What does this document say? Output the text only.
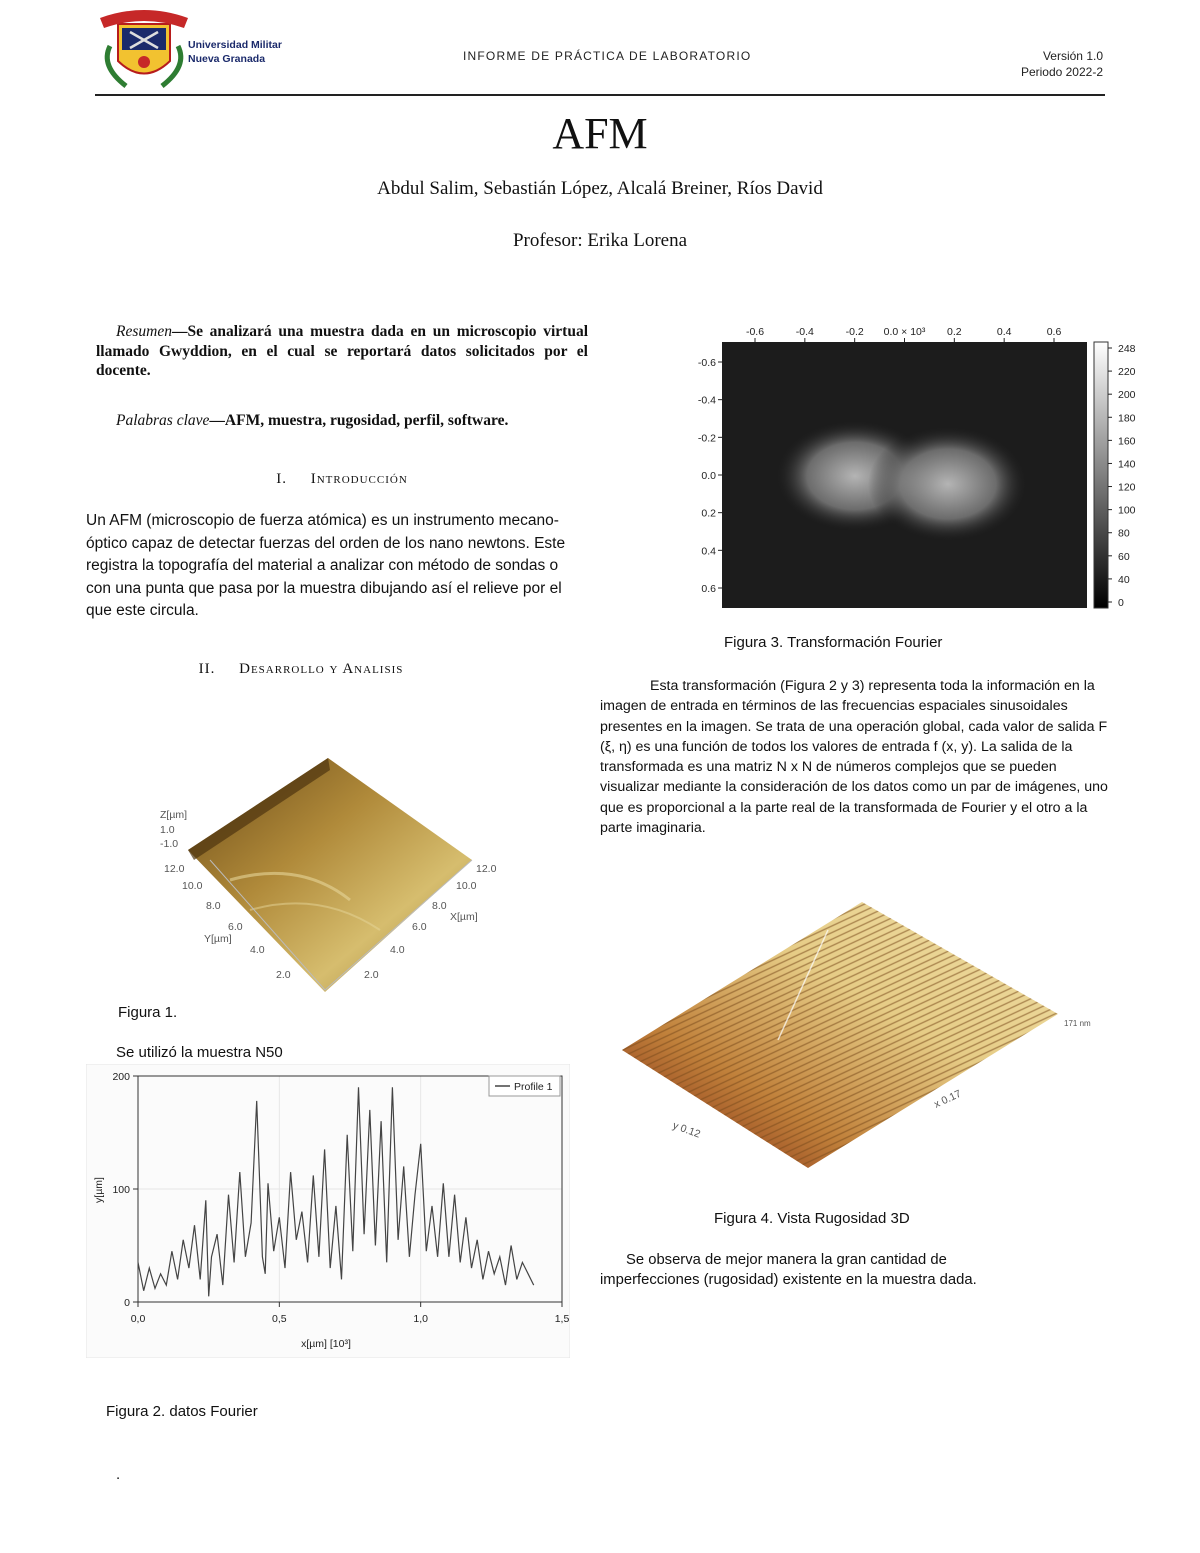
Universidad Militar
Nueva Granada	INFORME DE PRÁCTICA DE LABORATORIO	Versión 1.0
Periodo 2022-2
AFM
Abdul Salim, Sebastián López, Alcalá Breiner, Ríos David
Profesor: Erika Lorena
Resumen—Se analizará una muestra dada en un microscopio virtual llamado Gwyddion, en el cual se reportará datos solicitados por el docente.
Palabras clave—AFM, muestra, rugosidad, perfil, software.
I. Introducción
Un AFM (microscopio de fuerza atómica) es un instrumento mecano-óptico capaz de detectar fuerzas del orden de los nano newtons. Este registra la topografía del material a analizar con método de sondas o con una punta que pasa por la muestra dibujando así el relieve por el que este circula.
II. Desarrollo y Analisis
Z[µm]
1.0
-1.0
12.0
10.0
8.0
6.0
Y[µm]
4.0
2.0
12.0
10.0
8.0
X[µm]
6.0
4.0
2.0
Figura 1.
Se utilizó la muestra N50
0,0	0,5	1,0	1,5
0
100
200
Profile 1
x[µm] [10³]
y[µm]
Figura 2. datos Fourier
-0.6	-0.4	-0.2 0.0 × 10³ 0.2	0.4	0.6
-0.6
-0.4
-0.2
0.0
0.2
0.4
0.6
248
220
200
180
160
140
120
100
80
60
40
0
Figura 3. Transformación Fourier
Esta transformación (Figura 2 y 3) representa toda la información en la imagen de entrada en términos de las frecuencias espaciales sinusoidales presentes en la imagen. Se trata de una operación global, cada valor de salida F (ξ, η) es una función de todos los valores de entrada f (x, y). La salida de la transformada es una matriz N x N de números complejos que se pueden visualizar mediante la consideración de los datos como un par de imágenes, uno que es proporcional a la parte real de la transformada de Fourier y el otro a la parte imaginaria.
y 0.12
x 0.17
171 nm
Figura 4. Vista Rugosidad 3D
Se observa de mejor manera la gran cantidad de imperfecciones (rugosidad) existente en la muestra dada.
.
